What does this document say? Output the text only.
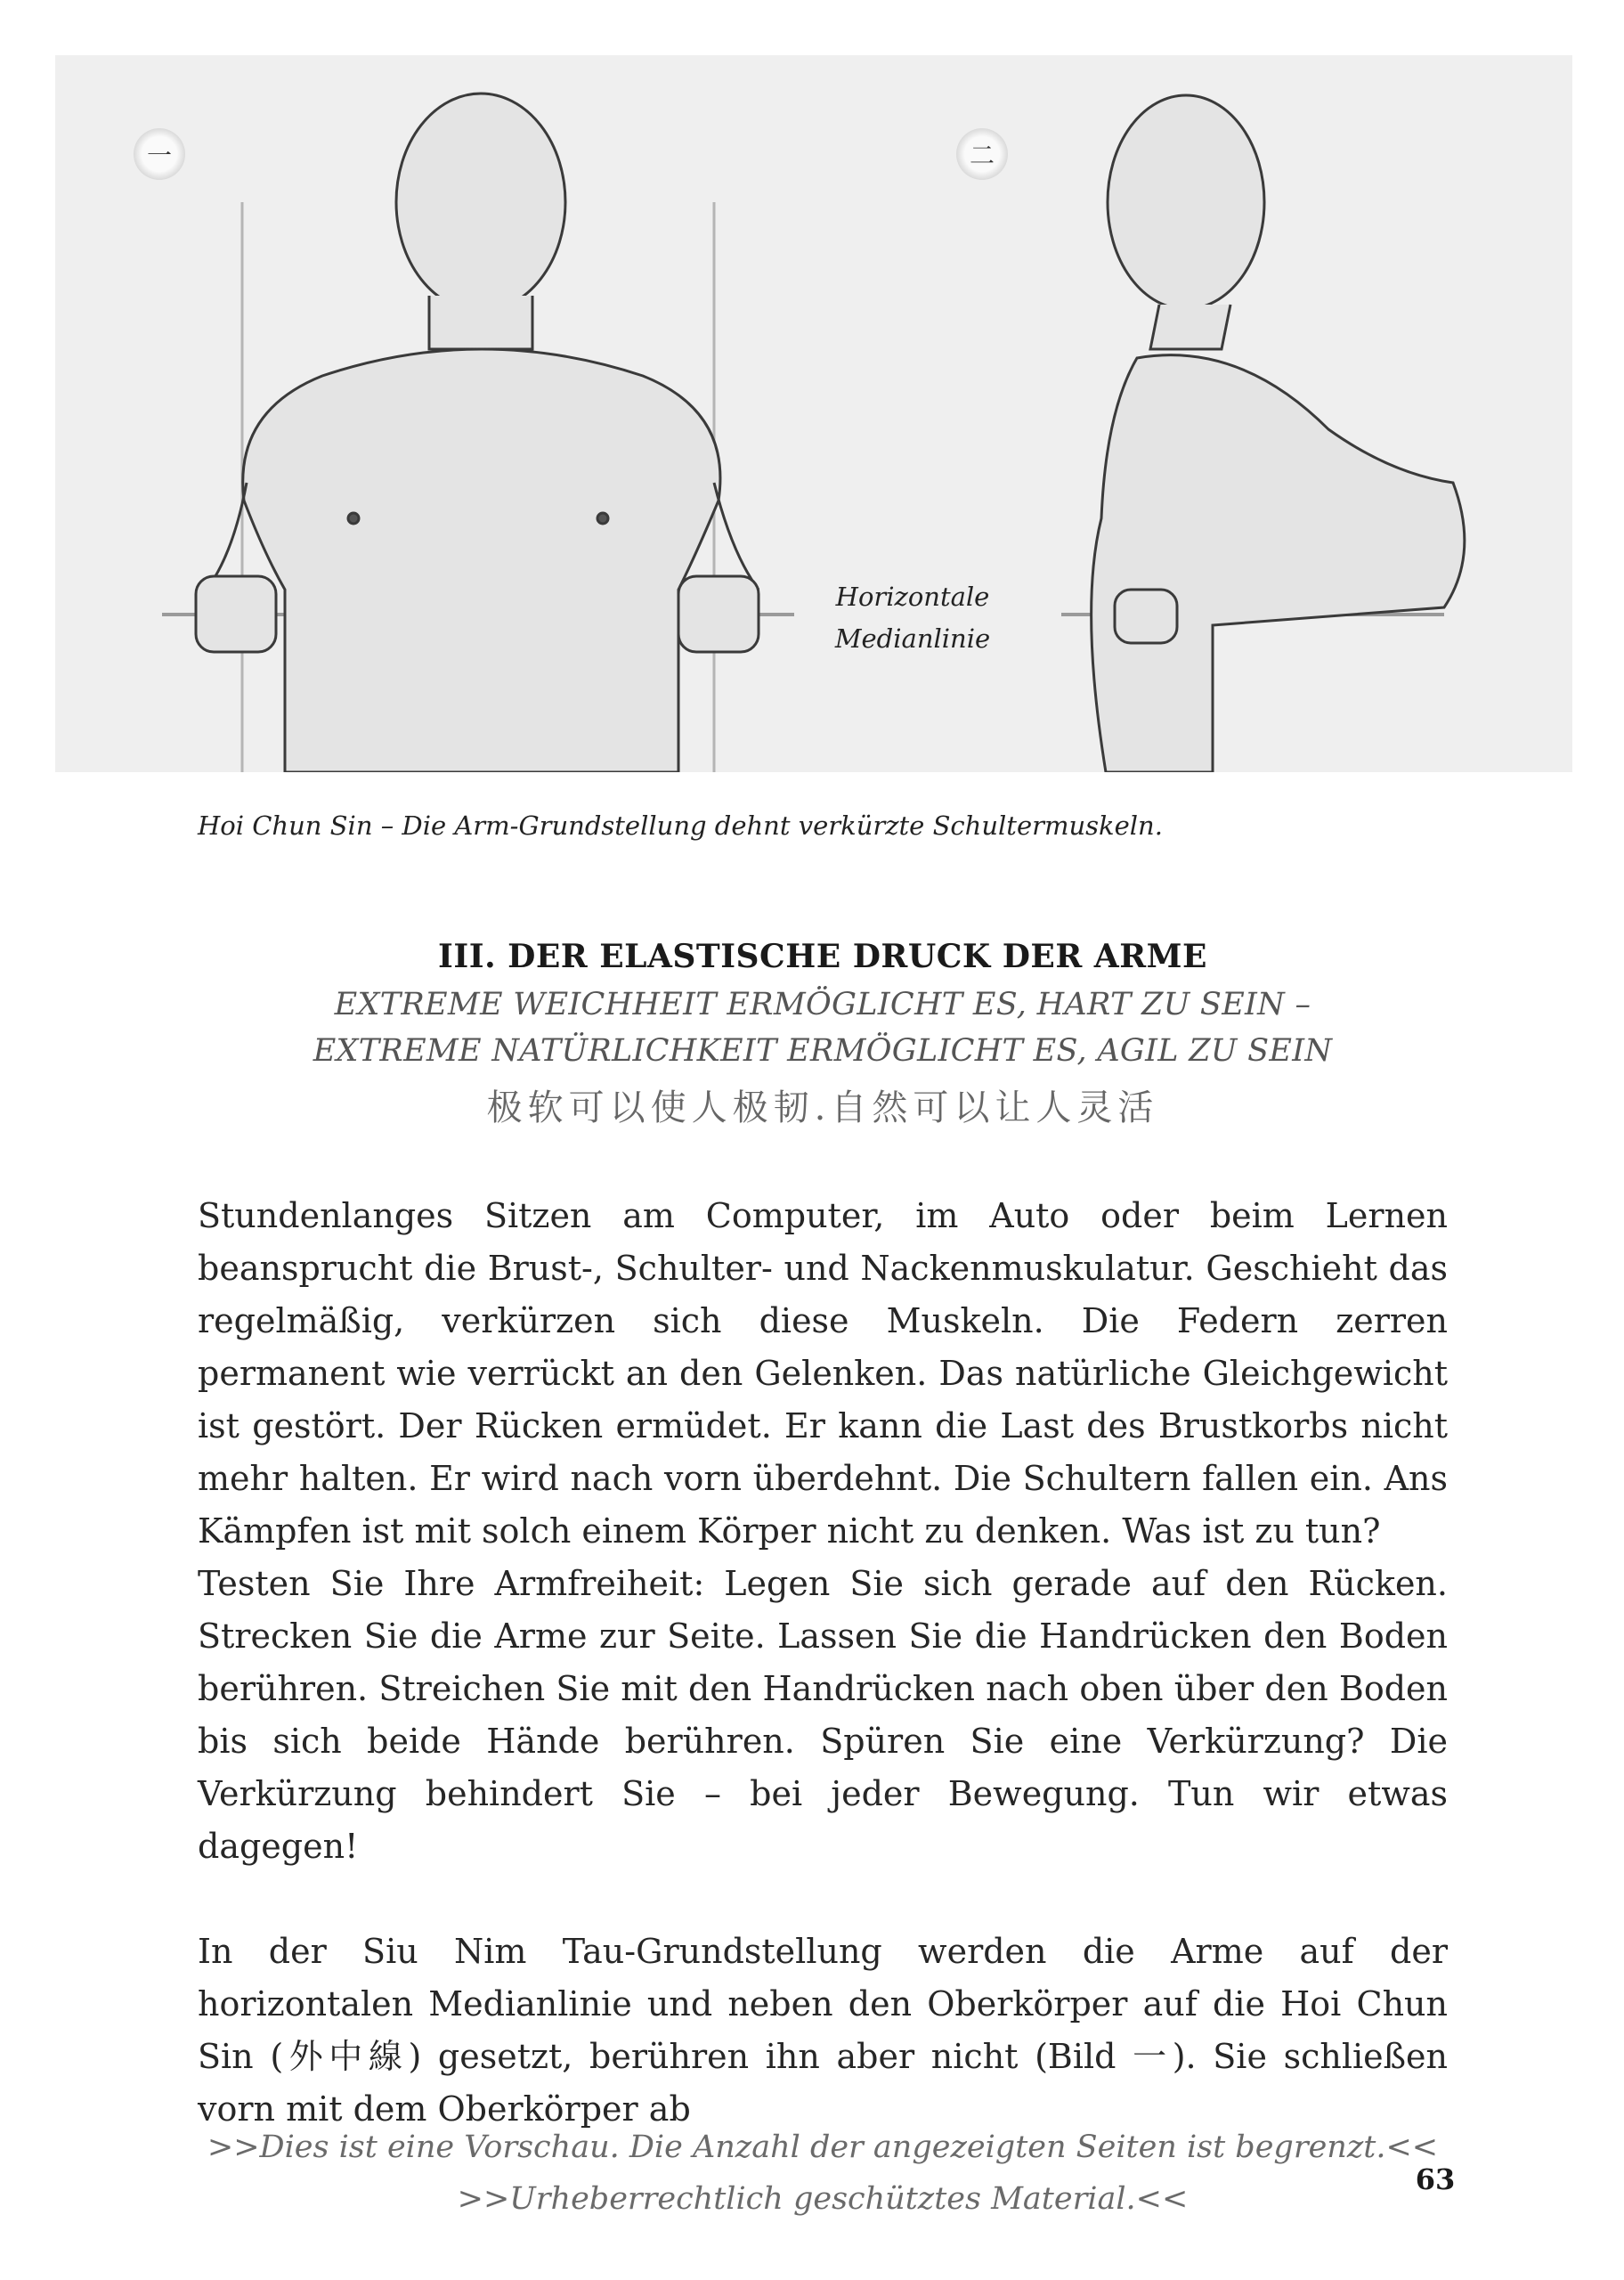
一	二
Horizontale
Medianlinie
Hoi Chun Sin – Die Arm-Grundstellung dehnt verkürzte Schultermuskeln.
III. DER ELASTISCHE DRUCK DER ARME
EXTREME WEICHHEIT ERMÖGLICHT ES, HART ZU SEIN –
EXTREME NATÜRLICHKEIT ERMÖGLICHT ES, AGIL ZU SEIN
极软可以使人极韧.自然可以让人灵活

Stundenlanges Sitzen am Computer, im Auto oder beim Lernen beansprucht die Brust-, Schulter- und Nackenmuskulatur. Geschieht das regelmäßig, verkürzen sich diese Muskeln. Die Federn zerren permanent wie verrückt an den Gelenken. Das natürliche Gleichgewicht ist gestört. Der Rücken ermüdet. Er kann die Last des Brustkorbs nicht mehr halten. Er wird nach vorn überdehnt. Die Schultern fallen ein. Ans Kämpfen ist mit solch einem Körper nicht zu denken. Was ist zu tun?

Testen Sie Ihre Armfreiheit: Legen Sie sich gerade auf den Rücken. Strecken Sie die Arme zur Seite. Lassen Sie die Handrücken den Boden berühren. Streichen Sie mit den Handrücken nach oben über den Boden bis sich beide Hände berühren. Spüren Sie eine Verkürzung? Die Verkürzung behindert Sie – bei jeder Bewegung. Tun wir etwas dagegen!

In der Siu Nim Tau-Grundstellung werden die Arme auf der horizontalen Medianlinie und neben den Oberkörper auf die Hoi Chun Sin (外中線) gesetzt, berühren ihn aber nicht (Bild 一). Sie schließen vorn mit dem Oberkörper ab

>>Dies ist eine Vorschau. Die Anzahl der angezeigten Seiten ist begrenzt.<<
>>Urheberrechtlich geschütztes Material.<<
63
